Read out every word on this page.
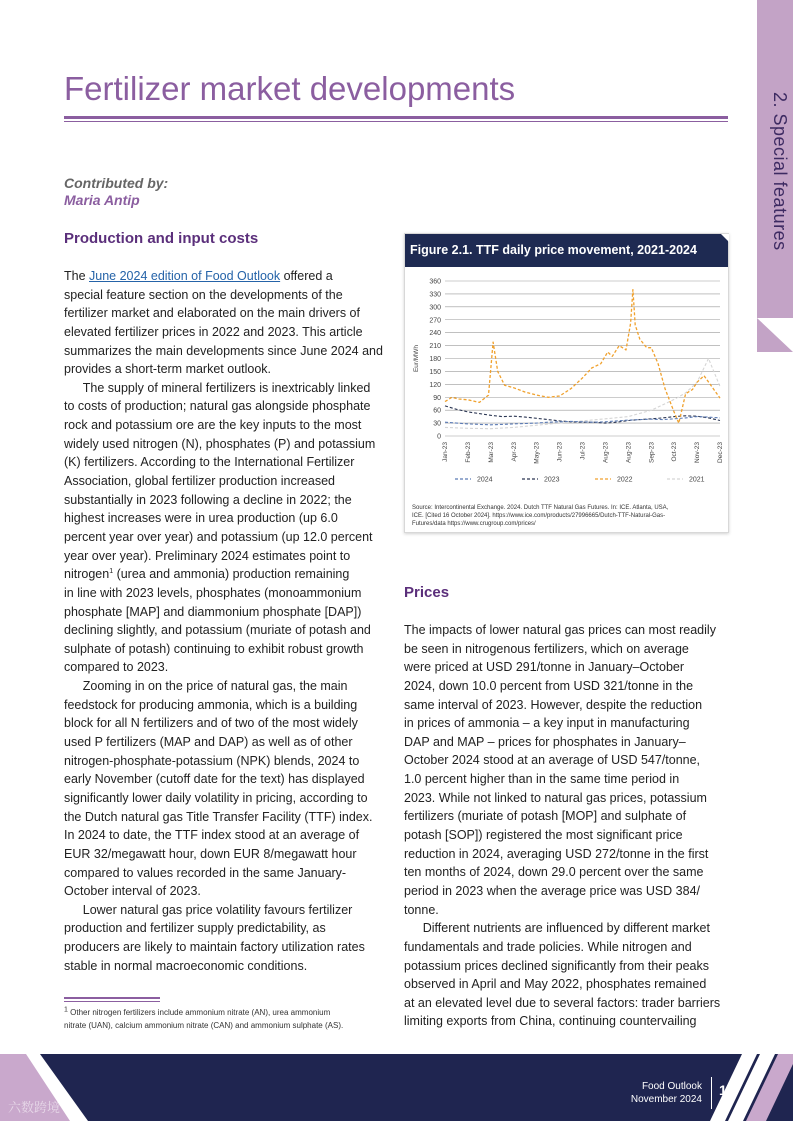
2. Special features
Fertilizer market developments
Contributed by:
Maria Antip
Production and input costs
The June 2024 edition of Food Outlook offered a
special feature section on the developments of the
fertilizer market and elaborated on the main drivers of
elevated fertilizer prices in 2022 and 2023. This article
summarizes the main developments since June 2024 and
provides a short-term market outlook.
  The supply of mineral fertilizers is inextricably linked
to costs of production; natural gas alongside phosphate
rock and potassium ore are the key inputs to the most
widely used nitrogen (N), phosphates (P) and potassium
(K) fertilizers. According to the International Fertilizer
Association, global fertilizer production increased
substantially in 2023 following a decline in 2022; the
highest increases were in urea production (up 6.0
percent year over year) and potassium (up 12.0 percent
year over year). Preliminary 2024 estimates point to
nitrogen$^1$ (urea and ammonia) production remaining
in line with 2023 levels, phosphates (monoammonium
phosphate [MAP] and diammonium phosphate [DAP])
declining slightly, and potassium (muriate of potash and
sulphate of potash) continuing to exhibit robust growth
compared to 2023.
  Zooming in on the price of natural gas, the main
feedstock for producing ammonia, which is a building
block for all N fertilizers and of two of the most widely
used P fertilizers (MAP and DAP) as well as of other
nitrogen-phosphate-potassium (NPK) blends, 2024 to
early November (cutoff date for the text) has displayed
significantly lower daily volatility in pricing, according to
the Dutch natural gas Title Transfer Facility (TTF) index.
In 2024 to date, the TTF index stood at an average of
EUR 32/megawatt hour, down EUR 8/megawatt hour
compared to values recorded in the same January-
October interval of 2023.
  Lower natural gas price volatility favours fertilizer
production and fertilizer supply predictability, as
producers are likely to maintain factory utilization rates
stable in normal macroeconomic conditions.
$^1$ Other nitrogen fertilizers include ammonium nitrate (AN), urea ammonium
nitrate (UAN), calcium ammonium nitrate (CAN) and ammonium sulphate (AS).
Figure 2.1. TTF daily price movement, 2021-2024
0
30
60
90
120
150
180
210
240
270
300
330
360
Eur/MWh
Jan-23 Feb-23 Mar-23 Apr-23 May-23 Jun-23 Jul-23 Aug-23 Aug-23 Sep-23 Oct-23 Nov-23 Dec-23
2024	2023	2022	2021
Source: Intercontinental Exchange. 2024. Dutch TTF Natural Gas Futures. In: ICE. Atlanta, USA,
ICE. [Cited 16 October 2024]. https://www.ice.com/products/27996665/Dutch-TTF-Natural-Gas-
Futures/data https://www.crugroup.com/prices/
Prices
The impacts of lower natural gas prices can most readily
be seen in nitrogenous fertilizers, which on average
were priced at USD 291/tonne in January–October
2024, down 10.0 percent from USD 321/tonne in the
same interval of 2023. However, despite the reduction
in prices of ammonia – a key input in manufacturing
DAP and MAP – prices for phosphates in January–
October 2024 stood at an average of USD 547/tonne,
1.0 percent higher than in the same time period in
2023. While not linked to natural gas prices, potassium
fertilizers (muriate of potash [MOP] and sulphate of
potash [SOP]) registered the most significant price
reduction in 2024, averaging USD 272/tonne in the first
ten months of 2024, down 29.0 percent over the same
period in 2023 when the average price was USD 384/
tonne.
  Different nutrients are influenced by different market
fundamentals and trade policies. While nitrogen and
potassium prices declined significantly from their peaks
observed in April and May 2022, phosphates remained
at an elevated level due to several factors: trader barriers
limiting exports from China, continuing countervailing
Food Outlook
November 2024
11
六数跨境
